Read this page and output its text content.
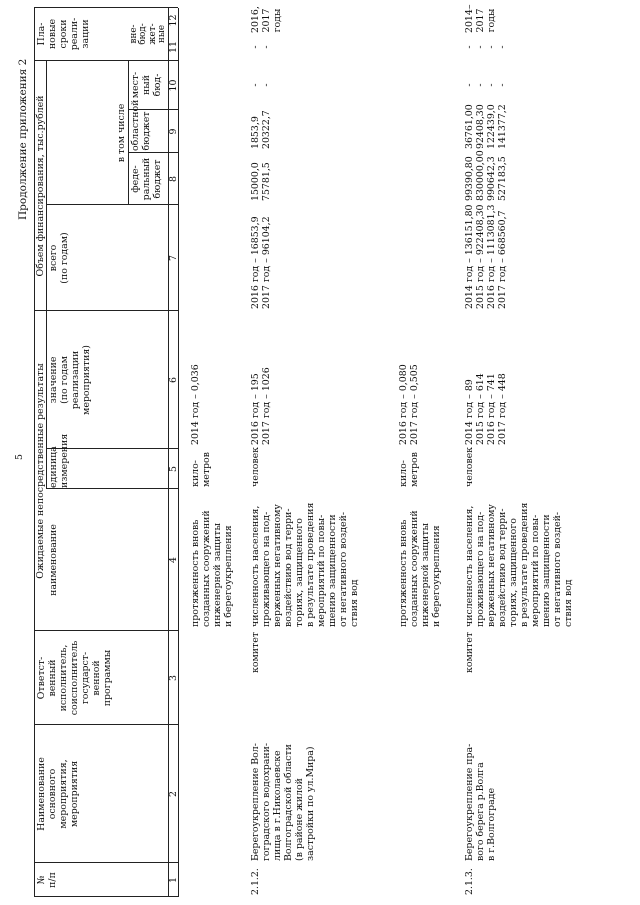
5
Продолжение приложения 2
№ п/п
Наименование основного мероприятия, мероприятия
Ответст- венный исполнитель, соисполнитель государст- венной программы
Ожидаемые непосредственные результаты наименование
единица измерения
значение (по годам реализации мероприятия)
Объем финансирования, тыс.рублей всего (по годам)
в том числе
феде- ральный бюджет
областной бюджет
мест- ный бюд-
Пла- новые сроки реали- зации	вне- бюд- жет- ные
1
2
3
4
5
6
7
8
9
10
11
12
протяженность вновь созданных сооружений инженерной защиты и берегоукрепления
кило- метров
2014 год – 0,036
2.1.2.
Берегоукрепление Вол- гоградского водохрани- лища в г.Николаевске Волгоградской области (в районе жилой застройки по ул.Мира)
комитет
численность населения, проживающего на под- верженных негативному воздействию вод терри- ториях, защищенного в результате проведения мероприятий по повы- шению защищенности от негативного воздей- ствия вод
человек
2016 год – 195 2017 год – 1026
2016 год – 16853,9 2017 год – 96104,2
15000,0 75781,5
1853,9 20322,7
- -
- -
2016, 2017 годы
протяженность вновь созданных сооружений инженерной защиты и берегоукрепления
кило- метров
2016 год – 0,080 2017 год – 0,505
2.1.3.
Берегоукрепление пра- вого берега р.Волга в г.Волгограде
комитет
численность населения, проживающего на под- верженных негативному воздействию вод терри- ториях, защищенного в результате проведения мероприятий по повы- шению защищенности от негативного воздей- ствия вод
человек
2014 год – 89 2015 год – 614 2016 год – 741 2017 год – 448
2014 год – 136151,80 2015 год – 922408,30 2016 год – 1113081,3 2017 год – 668560,7
99390,80 830000,00 990642,3 527183,5
36761,00 92408,30 122439,0 141377,2
- - - -
- - - -
2014– 2017 годы
